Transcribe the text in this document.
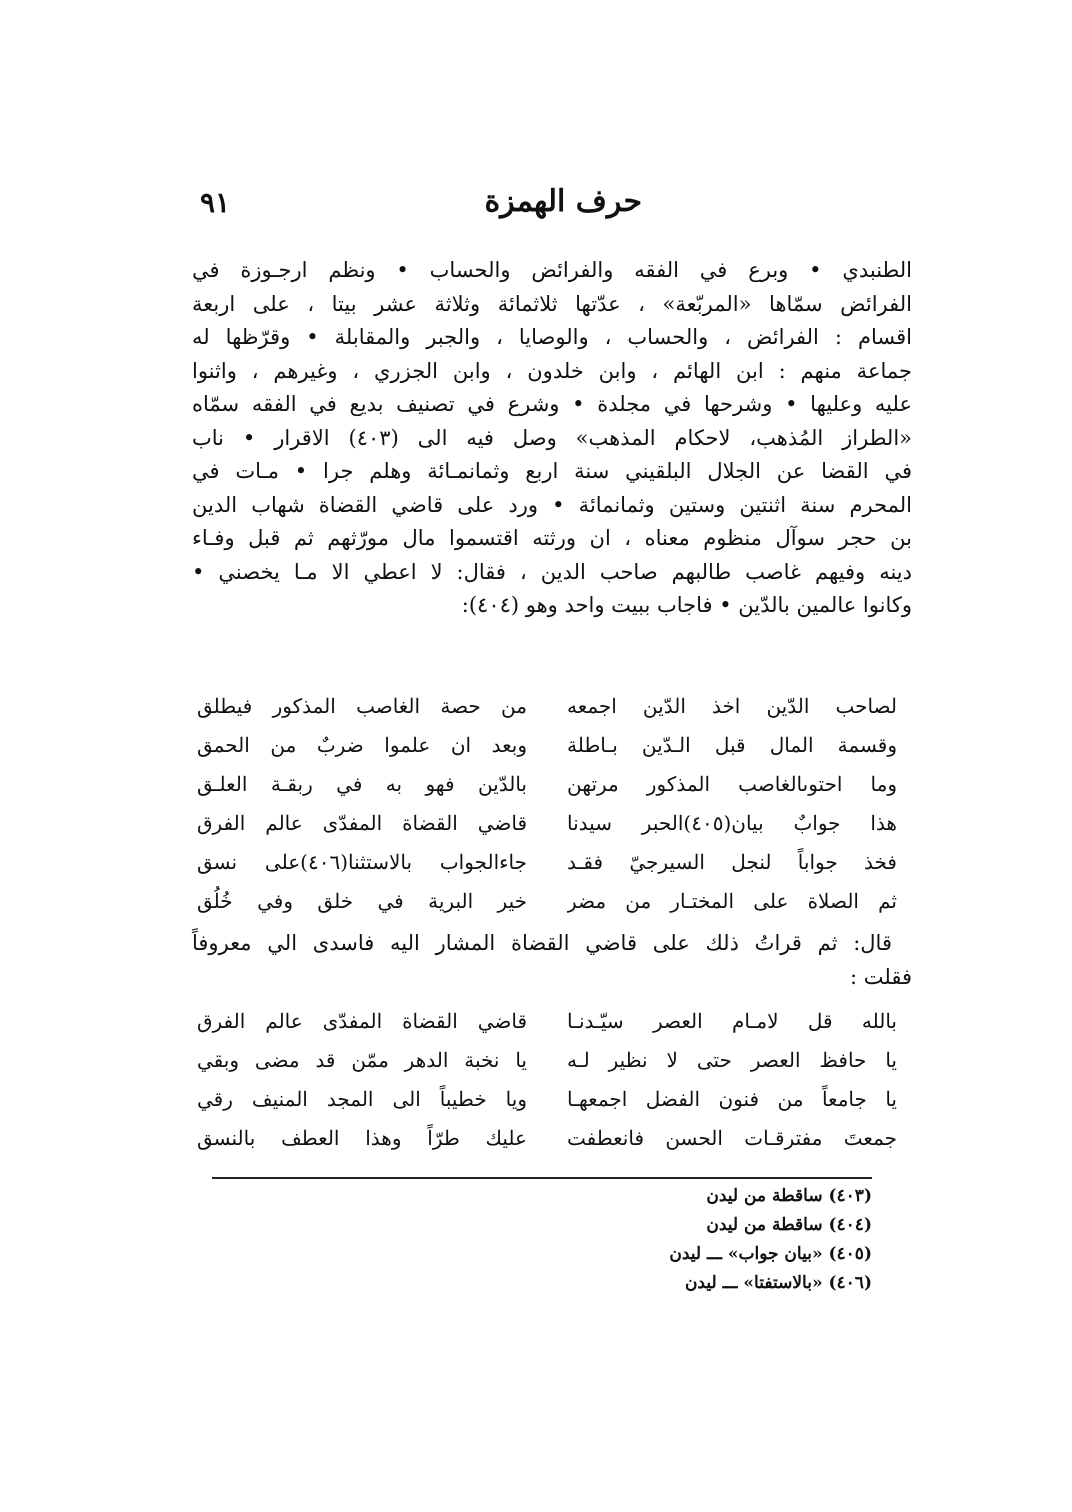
حرف الهمزة
٩١
الطنبدي • وبرع في الفقه والفرائض والحساب • ونظم ارجـوزة في
الفرائض سمّاها «المربّعة» ، عدّتها ثلاثمائة وثلاثة عشر بيتا ، على اربعة
اقسام : الفرائض ، والحساب ، والوصايا ، والجبر والمقابلة • وقرّظها له
جماعة منهم : ابن الهائم ، وابن خلدون ، وابن الجزري ، وغيرهم ، واثنوا
عليه وعليها • وشرحها في مجلدة • وشرع في تصنيف بديع في الفقه سمّاه
«الطراز المُذهب، لاحكام المذهب» وصل فيه الى (٤٠٣) الاقرار • ناب
في القضا عن الجلال البلقيني سنة اربع وثمانمـائة وهلم جرا • مـات في
المحرم سنة اثنتين وستين وثمانمائة • ورد على قاضي القضاة شهاب الدين
بن حجر سوآل منظوم معناه ، ان ورثته اقتسموا مال مورّثهم ثم قبل وفـاء
دينه وفيهم غاصب طالبهم صاحب الدين ، فقال: لا اعطي الا مـا يخصني •
وكانوا عالمين بالدّين • فاجاب ببيت واحد وهو (٤٠٤):
لصاحب الدّين اخذ الدّين اجمعه
من حصة الغاصب المذكور فيطلق
وقسمة المال قبل الـدّين بـاطلة
وبعد ان علموا ضربٌ من الحمق
وما احتوىالغاصب المذكور مرتهن
بالدّين فهو به في ربقـة العلـق
هذا جوابٌ بيان(٤٠٥)الحبر سيدنا
قاضي القضاة المفدّى عالم الفرق
فخذ جواباً لنجل السيرجيّ فقـد
جاءالجواب بالاستثنا(٤٠٦)على نسق
ثم الصلاة على المختـار من مضر
خير البرية في خلق وفي خُلُق
قال: ثم قراتُ ذلك على قاضي القضاة المشار اليه فاسدى الي معروفاً
فقلت :
بالله قل لامـام العصر سيّـدنـا
قاضي القضاة المفدّى عالم الفرق
يا حافظ العصر حتى لا نظير لـه
يا نخبة الدهر ممّن قد مضى وبقي
يا جامعاً من فنون الفضل اجمعهـا
ويا خطيباً الى المجد المنيف رقي
جمعتَ مفترقـات الحسن فانعطفت
عليك طرّاً وهذا العطف بالنسق
(٤٠٣) ساقطة من ليدن
(٤٠٤) ساقطة من ليدن
(٤٠٥) «بيان جواب» ـــ ليدن
(٤٠٦) «بالاستفتا» ـــ ليدن
